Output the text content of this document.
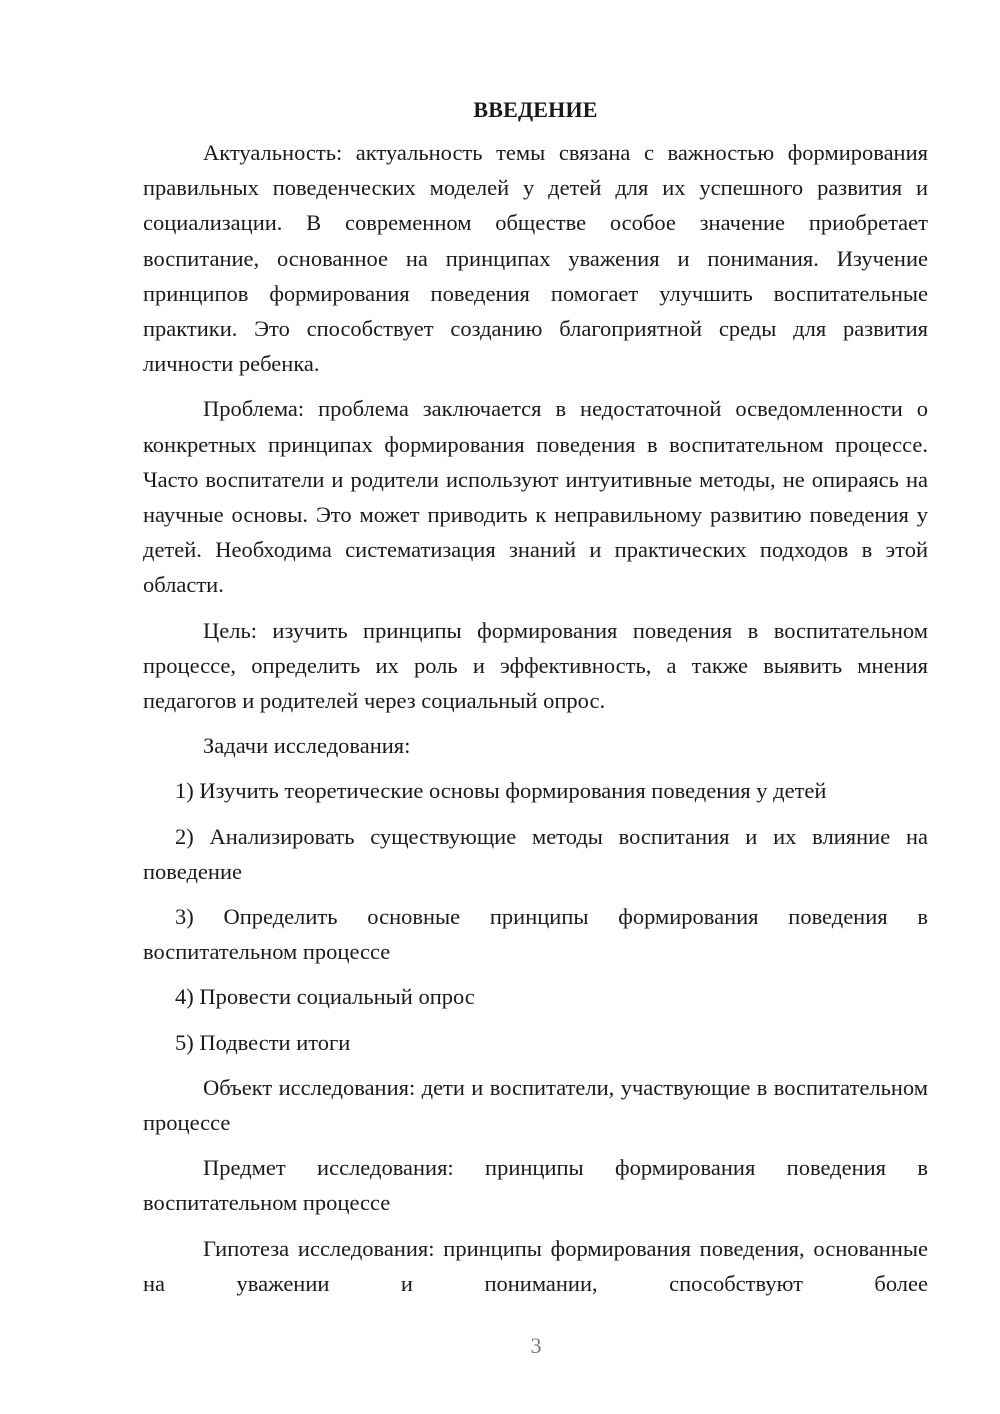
ВВЕДЕНИЕ

Актуальность: актуальность темы связана с важностью формирования правильных поведенческих моделей у детей для их успешного развития и социализации. В современном обществе особое значение приобретает воспитание, основанное на принципах уважения и понимания. Изучение принципов формирования поведения помогает улучшить воспитательные практики. Это способствует созданию благоприятной среды для развития личности ребенка.

Проблема: проблема заключается в недостаточной осведомленности о конкретных принципах формирования поведения в воспитательном процессе. Часто воспитатели и родители используют интуитивные методы, не опираясь на научные основы. Это может приводить к неправильному развитию поведения у детей. Необходима систематизация знаний и практических подходов в этой области.

Цель: изучить принципы формирования поведения в воспитательном процессе, определить их роль и эффективность, а также выявить мнения педагогов и родителей через социальный опрос.

Задачи исследования:

1) Изучить теоретические основы формирования поведения у детей

2) Анализировать существующие методы воспитания и их влияние на поведение

3) Определить основные принципы формирования поведения в воспитательном процессе

4) Провести социальный опрос

5) Подвести итоги

Объект исследования: дети и воспитатели, участвующие в воспитательном процессе

Предмет исследования: принципы формирования поведения в воспитательном процессе

Гипотеза исследования: принципы формирования поведения, основанные на уважении и понимании, способствуют более

3
